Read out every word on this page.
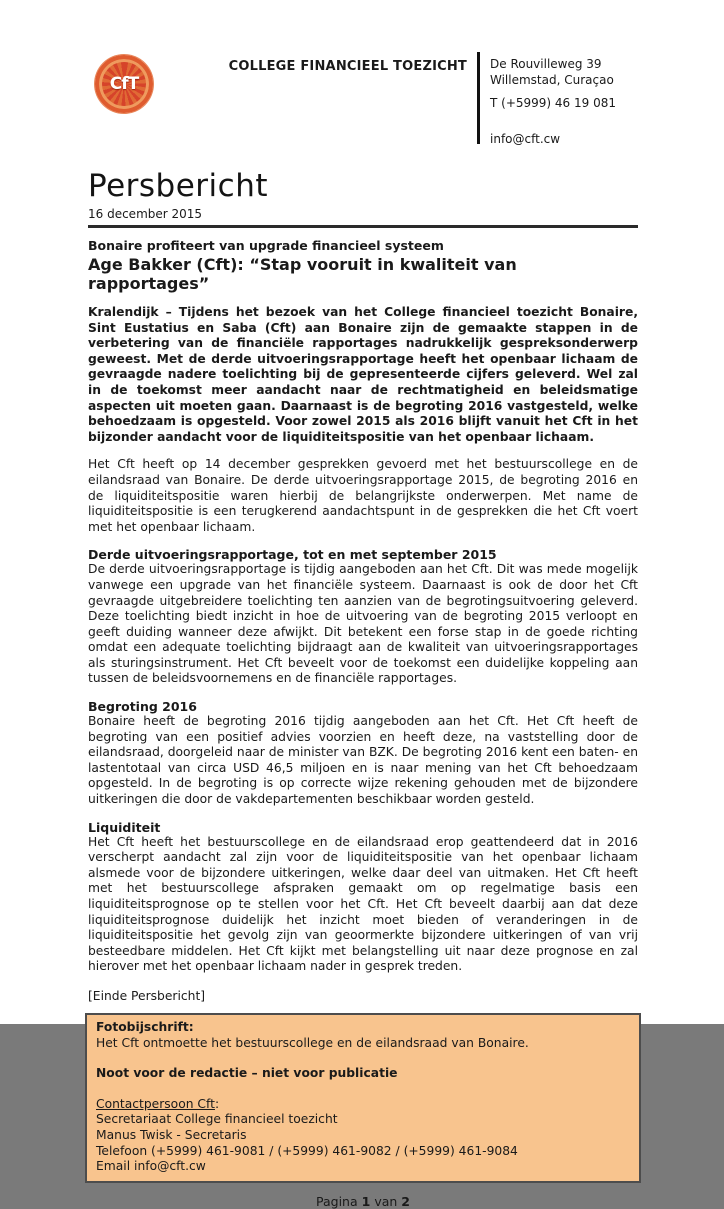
CfT
COLLEGE FINANCIEEL TOEZICHT	De Rouvilleweg 39
Willemstad, Curaçao
T (+5999) 46 19 081
info@cft.cw
Persbericht
16 december 2015
Bonaire profiteert van upgrade financieel systeem
Age Bakker (Cft): “Stap vooruit in kwaliteit van rapportages”
Kralendijk – Tijdens het bezoek van het College financieel toezicht Bonaire, Sint Eustatius en Saba (Cft) aan Bonaire zijn de gemaakte stappen in de verbetering van de financiële rapportages nadrukkelijk gespreksonderwerp geweest. Met de derde uitvoeringsrapportage heeft het openbaar lichaam de gevraagde nadere toelichting bij de gepresenteerde cijfers geleverd. Wel zal in de toekomst meer aandacht naar de rechtmatigheid en beleidsmatige aspecten uit moeten gaan. Daarnaast is de begroting 2016 vastgesteld, welke behoedzaam is opgesteld. Voor zowel 2015 als 2016 blijft vanuit het Cft in het bijzonder aandacht voor de liquiditeitspositie van het openbaar lichaam.
Het Cft heeft op 14 december gesprekken gevoerd met het bestuurscollege en de eilandsraad van Bonaire. De derde uitvoeringsrapportage 2015, de begroting 2016 en de liquiditeitspositie waren hierbij de belangrijkste onderwerpen. Met name de liquiditeitspositie is een terugkerend aandachtspunt in de gesprekken die het Cft voert met het openbaar lichaam.
Derde uitvoeringsrapportage, tot en met september 2015
De derde uitvoeringsrapportage is tijdig aangeboden aan het Cft. Dit was mede mogelijk vanwege een upgrade van het financiële systeem. Daarnaast is ook de door het Cft gevraagde uitgebreidere toelichting ten aanzien van de begrotingsuitvoering geleverd. Deze toelichting biedt inzicht in hoe de uitvoering van de begroting 2015 verloopt en geeft duiding wanneer deze afwijkt. Dit betekent een forse stap in de goede richting omdat een adequate toelichting bijdraagt aan de kwaliteit van uitvoeringsrapportages als sturingsinstrument. Het Cft beveelt voor de toekomst een duidelijke koppeling aan tussen de beleidsvoornemens en de financiële rapportages.
Begroting 2016
Bonaire heeft de begroting 2016 tijdig aangeboden aan het Cft. Het Cft heeft de begroting van een positief advies voorzien en heeft deze, na vaststelling door de eilandsraad, doorgeleid naar de minister van BZK. De begroting 2016 kent een baten- en lastentotaal van circa USD 46,5 miljoen en is naar mening van het Cft behoedzaam opgesteld. In de begroting is op correcte wijze rekening gehouden met de bijzondere uitkeringen die door de vakdepartementen beschikbaar worden gesteld.
Liquiditeit
Het Cft heeft het bestuurscollege en de eilandsraad erop geattendeerd dat in 2016 verscherpt aandacht zal zijn voor de liquiditeitspositie van het openbaar lichaam alsmede voor de bijzondere uitkeringen, welke daar deel van uitmaken. Het Cft heeft met het bestuurscollege afspraken gemaakt om op regelmatige basis een liquiditeitsprognose op te stellen voor het Cft. Het Cft beveelt daarbij aan dat deze liquiditeitsprognose duidelijk het inzicht moet bieden of veranderingen in de liquiditeitspositie het gevolg zijn van geoormerkte bijzondere uitkeringen of van vrij besteedbare middelen. Het Cft kijkt met belangstelling uit naar deze prognose en zal hierover met het openbaar lichaam nader in gesprek treden.
[Einde Persbericht]
Fotobijschrift:
Het Cft ontmoette het bestuurscollege en de eilandsraad van Bonaire.
Noot voor de redactie – niet voor publicatie
Contactpersoon Cft:
Secretariaat College financieel toezicht
Manus Twisk - Secretaris
Telefoon (+5999) 461-9081 / (+5999) 461-9082 / (+5999) 461-9084
Email info@cft.cw
Pagina 1 van 2
